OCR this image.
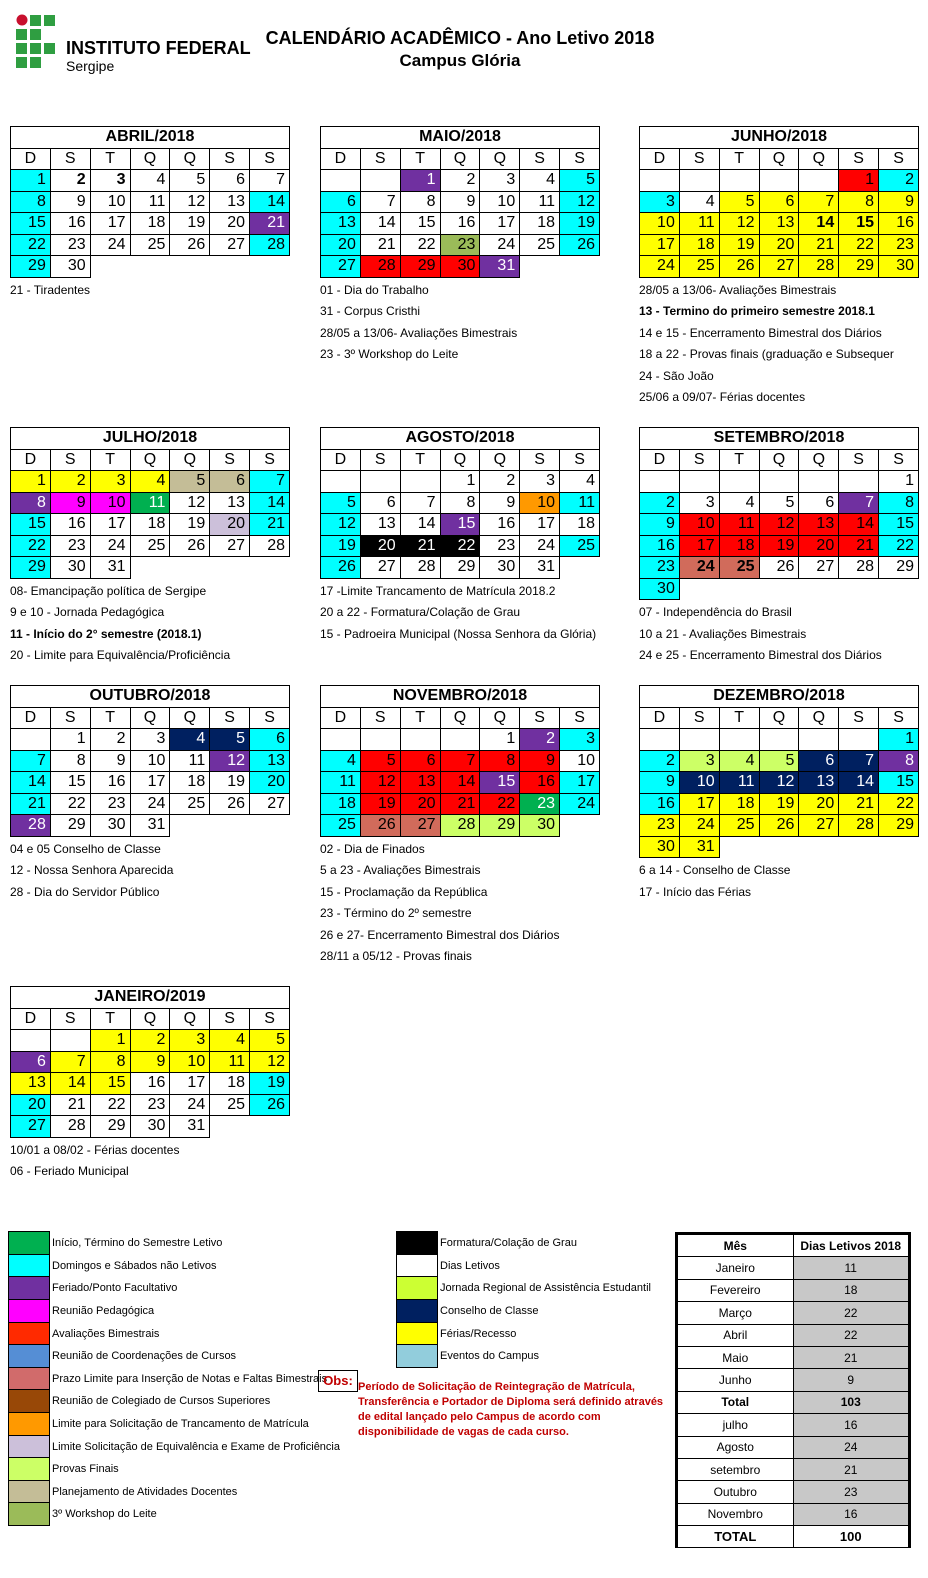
INSTITUTO FEDERAL
Sergipe
CALENDÁRIO ACADÊMICO - Ano Letivo 2018
Campus Glória
ABRIL/2018						
D	S	T	Q	Q	S	S
1	2	3	4	5	6	7
8	9	10	11	12	13	14
15	16	17	18	19	20	21
22	23	24	25	26	27	28
29	30					
21 - Tiradentes
MAIO/2018						
D	S	T	Q	Q	S	S
		1	2	3	4	5
6	7	8	9	10	11	12
13	14	15	16	17	18	19
20	21	22	23	24	25	26
27	28	29	30	31		
01 - Dia do Trabalho
31 - Corpus Cristhi
28/05 a 13/06- Avaliações Bimestrais
23 - 3º Workshop do Leite
JUNHO/2018						
D	S	T	Q	Q	S	S
					1	2
3	4	5	6	7	8	9
10	11	12	13	14	15	16
17	18	19	20	21	22	23
24	25	26	27	28	29	30
28/05 a 13/06- Avaliações Bimestrais
13 - Termino do primeiro semestre 2018.1
14 e 15 - Encerramento Bimestral dos Diários
18 a 22 - Provas finais (graduação e Subsequer
24 - São João
25/06 a 09/07- Férias docentes
JULHO/2018						
D	S	T	Q	Q	S	S
1	2	3	4	5	6	7
8	9	10	11	12	13	14
15	16	17	18	19	20	21
22	23	24	25	26	27	28
29	30	31				
08- Emancipação política de Sergipe
9 e 10 - Jornada Pedagógica
11 - Início do 2° semestre (2018.1)
20 - Limite para Equivalência/Proficiência
AGOSTO/2018						
D	S	T	Q	Q	S	S
			1	2	3	4
5	6	7	8	9	10	11
12	13	14	15	16	17	18
19	20	21	22	23	24	25
26	27	28	29	30	31	
17 -Limite Trancamento de Matrícula 2018.2
20 a 22 - Formatura/Colação de Grau
15 - Padroeira Municipal (Nossa Senhora da Glória)
SETEMBRO/2018						
D	S	T	Q	Q	S	S
						1
2	3	4	5	6	7	8
9	10	11	12	13	14	15
16	17	18	19	20	21	22
23	24	25	26	27	28	29
30						
07 - Independência do Brasil
10 a 21 - Avaliações Bimestrais
24 e 25 - Encerramento Bimestral dos Diários
OUTUBRO/2018						
D	S	T	Q	Q	S	S
	1	2	3	4	5	6
7	8	9	10	11	12	13
14	15	16	17	18	19	20
21	22	23	24	25	26	27
28	29	30	31			
04 e 05 Conselho de Classe
12 - Nossa Senhora Aparecida
28 - Dia do Servidor Público
NOVEMBRO/2018						
D	S	T	Q	Q	S	S
				1	2	3
4	5	6	7	8	9	10
11	12	13	14	15	16	17
18	19	20	21	22	23	24
25	26	27	28	29	30	
02 - Dia de Finados
5 a 23 - Avaliações Bimestrais
15 - Proclamação da República
23 - Término do 2º semestre
26 e 27- Encerramento Bimestral dos Diários
28/11 a 05/12 - Provas finais
DEZEMBRO/2018						
D	S	T	Q	Q	S	S
						1
2	3	4	5	6	7	8
9	10	11	12	13	14	15
16	17	18	19	20	21	22
23	24	25	26	27	28	29
30	31					
6 a 14 - Conselho de Classe
17 - Início das Férias
JANEIRO/2019						
D	S	T	Q	Q	S	S
		1	2	3	4	5
6	7	8	9	10	11	12
13	14	15	16	17	18	19
20	21	22	23	24	25	26
27	28	29	30	31		
10/01 a 08/02 - Férias docentes
06 - Feriado Municipal
Início, Término do Semestre Letivo
Domingos e Sábados não Letivos
Feriado/Ponto Facultativo
Reunião Pedagógica
Avaliações Bimestrais
Reunião de Coordenações de Cursos
Prazo Limite para Inserção de Notas e Faltas Bimestrais
Reunião de Colegiado de Cursos Superiores
Limite para Solicitação de Trancamento de Matrícula
Limite Solicitação de Equivalência e Exame de Proficiência
Provas Finais
Planejamento de Atividades Docentes
3º Workshop do Leite
Formatura/Colação de Grau
Dias Letivos
Jornada Regional de Assistência Estudantil
Conselho de Classe
Férias/Recesso
Eventos do Campus
Obs: Período de Solicitação de Reintegração de Matrícula, Transferência e Portador de Diploma será definido através de edital lançado pelo Campus de acordo com disponibilidade de vagas de cada curso.
Mês	Dias Letivos 2018
Janeiro	11
Fevereiro	18
Março	22
Abril	22
Maio	21
Junho	9
Total	103
julho	16
Agosto	24
setembro	21
Outubro	23
Novembro	16
TOTAL	100
